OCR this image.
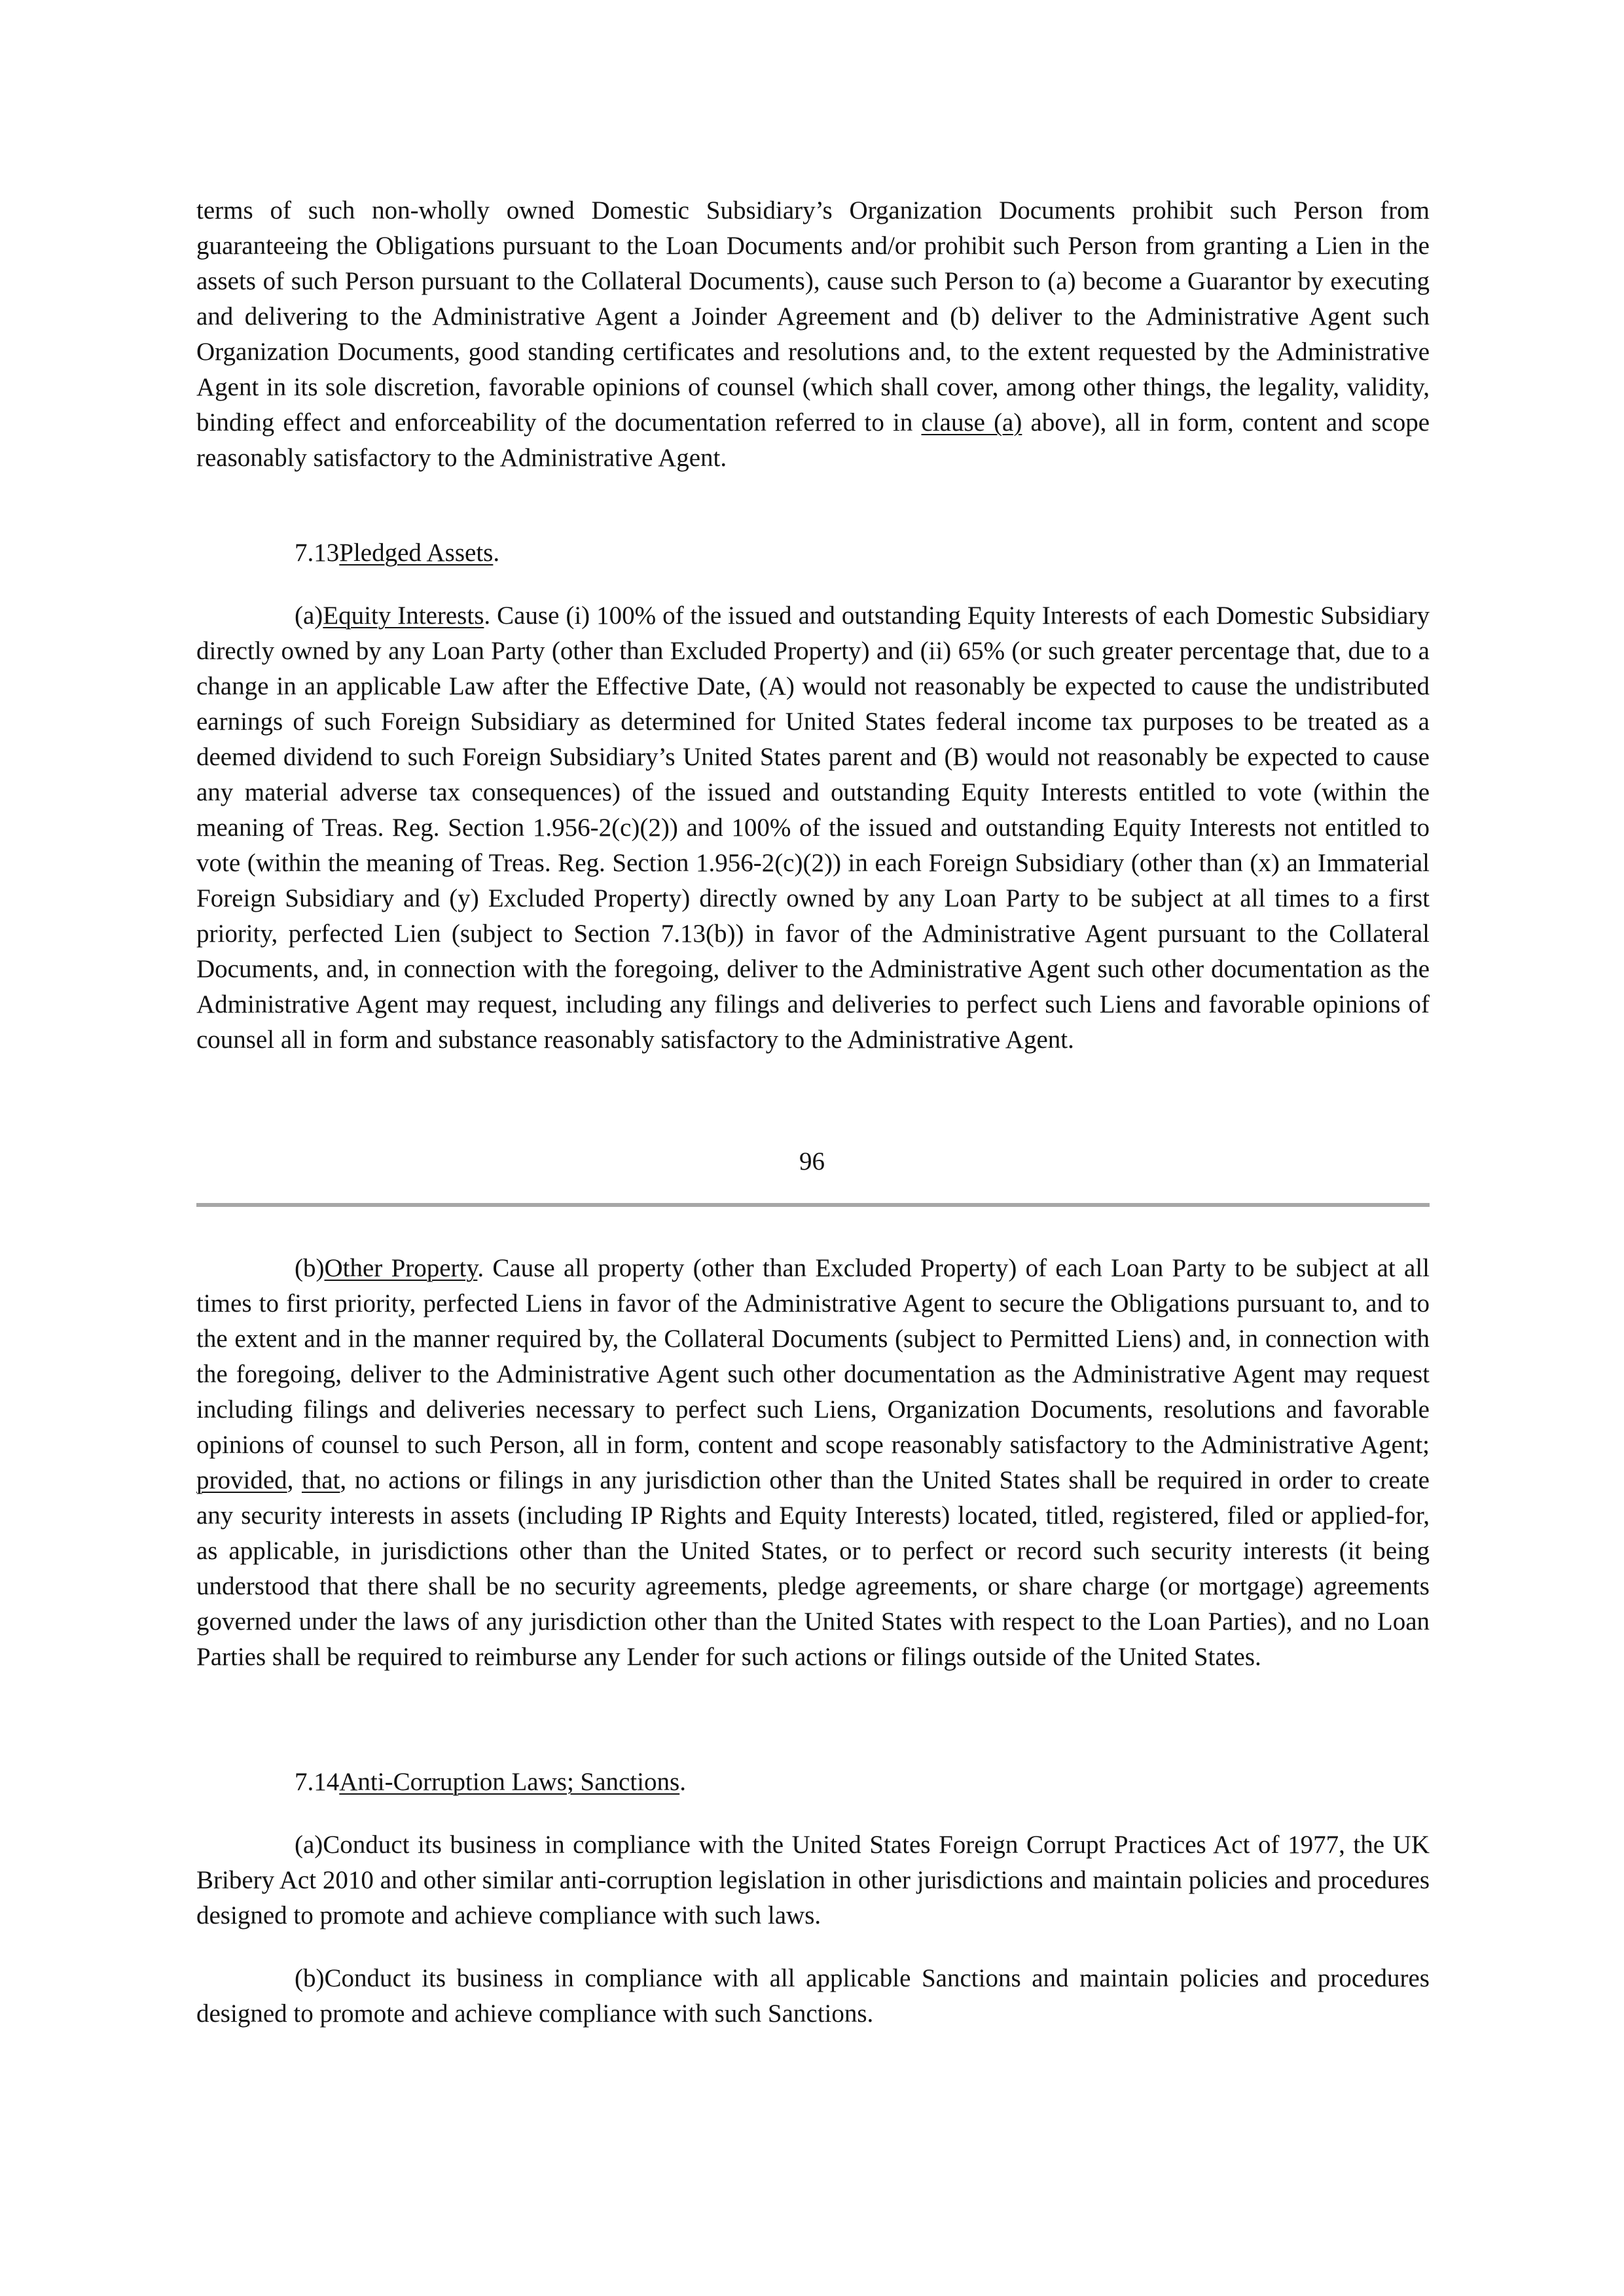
terms of such non-wholly owned Domestic Subsidiary’s Organization Documents prohibit such Person from guaranteeing the Obligations pursuant to the Loan Documents and/or prohibit such Person from granting a Lien in the assets of such Person pursuant to the Collateral Documents), cause such Person to (a) become a Guarantor by executing and delivering to the Administrative Agent a Joinder Agreement and (b) deliver to the Administrative Agent such Organization Documents, good standing certificates and resolutions and, to the extent requested by the Administrative Agent in its sole discretion, favorable opinions of counsel (which shall cover, among other things, the legality, validity, binding effect and enforceability of the documentation referred to in clause (a) above), all in form, content and scope reasonably satisfactory to the Administrative Agent.

7.13Pledged Assets.

(a)Equity Interests. Cause (i) 100% of the issued and outstanding Equity Interests of each Domestic Subsidiary directly owned by any Loan Party (other than Excluded Property) and (ii) 65% (or such greater percentage that, due to a change in an applicable Law after the Effective Date, (A) would not reasonably be expected to cause the undistributed earnings of such Foreign Subsidiary as determined for United States federal income tax purposes to be treated as a deemed dividend to such Foreign Subsidiary’s United States parent and (B) would not reasonably be expected to cause any material adverse tax consequences) of the issued and outstanding Equity Interests entitled to vote (within the meaning of Treas. Reg. Section 1.956-2(c)(2)) and 100% of the issued and outstanding Equity Interests not entitled to vote (within the meaning of Treas. Reg. Section 1.956-2(c)(2)) in each Foreign Subsidiary (other than (x) an Immaterial Foreign Subsidiary and (y) Excluded Property) directly owned by any Loan Party to be subject at all times to a first priority, perfected Lien (subject to Section 7.13(b)) in favor of the Administrative Agent pursuant to the Collateral Documents, and, in connection with the foregoing, deliver to the Administrative Agent such other documentation as the Administrative Agent may request, including any filings and deliveries to perfect such Liens and favorable opinions of counsel all in form and substance reasonably satisfactory to the Administrative Agent.

96

(b)Other Property. Cause all property (other than Excluded Property) of each Loan Party to be subject at all times to first priority, perfected Liens in favor of the Administrative Agent to secure the Obligations pursuant to, and to the extent and in the manner required by, the Collateral Documents (subject to Permitted Liens) and, in connection with the foregoing, deliver to the Administrative Agent such other documentation as the Administrative Agent may request including filings and deliveries necessary to perfect such Liens, Organization Documents, resolutions and favorable opinions of counsel to such Person, all in form, content and scope reasonably satisfactory to the Administrative Agent; provided, that, no actions or filings in any jurisdiction other than the United States shall be required in order to create any security interests in assets (including IP Rights and Equity Interests) located, titled, registered, filed or applied-for, as applicable, in jurisdictions other than the United States, or to perfect or record such security interests (it being understood that there shall be no security agreements, pledge agreements, or share charge (or mortgage) agreements governed under the laws of any jurisdiction other than the United States with respect to the Loan Parties), and no Loan Parties shall be required to reimburse any Lender for such actions or filings outside of the United States.

7.14Anti-Corruption Laws; Sanctions.

(a)Conduct its business in compliance with the United States Foreign Corrupt Practices Act of 1977, the UK Bribery Act 2010 and other similar anti-corruption legislation in other jurisdictions and maintain policies and procedures designed to promote and achieve compliance with such laws.

(b)Conduct its business in compliance with all applicable Sanctions and maintain policies and procedures designed to promote and achieve compliance with such Sanctions.
